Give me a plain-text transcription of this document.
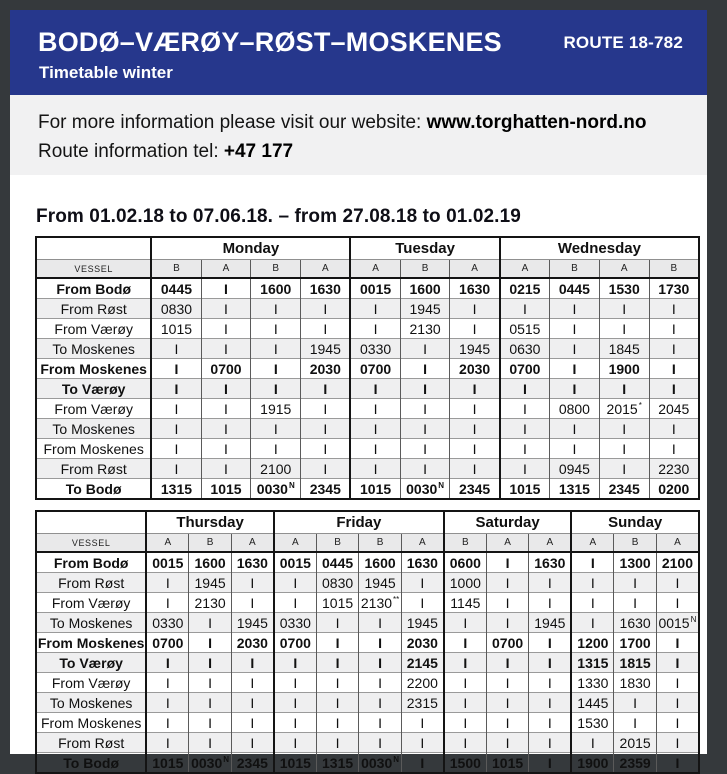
BODØ–VÆRØY–RØST–MOSKENES
Timetable winter
ROUTE 18-782
For more information please visit our website: www.torghatten-nord.no
Route information tel: +47 177
From 01.02.18 to 07.06.18. – from 27.08.18 to 01.02.19
	Monday				Tuesday			Wednesday			
VESSEL	B	A	B	A	A	B	A	A	B	A	B
From Bodø	0445	I	1600	1630	0015	1600	1630	0215	0445	1530	1730
From Røst	0830	I	I	I	I	1945	I	I	I	I	I
From Værøy	1015	I	I	I	I	2130	I	0515	I	I	I
To Moskenes	I	I	I	1945	0330	I	1945	0630	I	1845	I
From Moskenes	I	0700	I	2030	0700	I	2030	0700	I	1900	I
To Værøy	I	I	I	I	I	I	I	I	I	I	I
From Værøy	I	I	1915	I	I	I	I	I	0800	2015*	2045
To Moskenes	I	I	I	I	I	I	I	I	I	I	I
From Moskenes	I	I	I	I	I	I	I	I	I	I	I
From Røst	I	I	2100	I	I	I	I	I	0945	I	2230
To Bodø	1315	1015	$0030^N$	2345	1015	$0030^N$	2345	1015	1315	2345	0200
	Thursday			Friday				Saturday			Sunday		
VESSEL	A	B	A	A	B	B	A	B	A	A	A	B	A
From Bodø	0015	1600	1630	0015	0445	1600	1630	0600	I	1630	I	1300	2100
From Røst	I	1945	I	I	0830	1945	I	1000	I	I	I	I	I
From Værøy	I	2130	I	I	1015	2130**	I	1145	I	I	I	I	I
To Moskenes	0330	I	1945	0330	I	I	1945	I	I	1945	I	1630	$0015^N$
From Moskenes	0700	I	2030	0700	I	I	2030	I	0700	I	1200	1700	I
To Værøy	I	I	I	I	I	I	2145	I	I	I	1315	1815	I
From Værøy	I	I	I	I	I	I	2200	I	I	I	1330	1830	I
To Moskenes	I	I	I	I	I	I	2315	I	I	I	1445	I	I
From Moskenes	I	I	I	I	I	I	I	I	I	I	1530	I	I
From Røst	I	I	I	I	I	I	I	I	I	I	I	2015	I
To Bodø	1015	$0030^N$	2345	1015	1315	$0030^N$	I	1500	1015	I	1900	2359	I
